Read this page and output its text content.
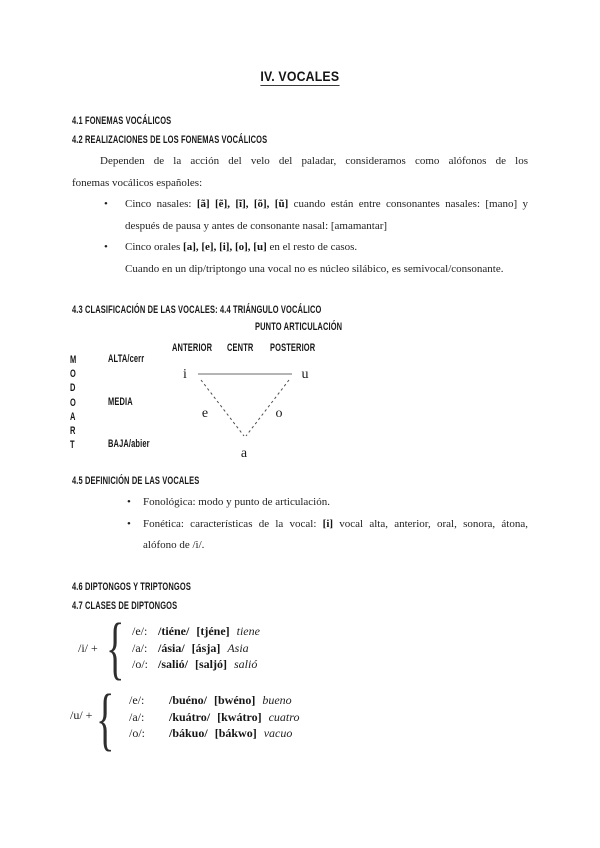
IV. VOCALES
4.1 FONEMAS VOCÁLICOS
4.2 REALIZACIONES DE LOS FONEMAS VOCÁLICOS
Dependen de la acción del velo del paladar, consideramos como alófonos de los
fonemas vocálicos españoles:
•	Cinco nasales: [ã] [ẽ], [ĩ], [õ], [ũ] cuando están entre consonantes nasales: [mano] y
después de pausa y antes de consonante nasal: [amamantar]
•	Cinco orales [a], [e], [i], [o], [u] en el resto de casos.
Cuando en un dip/triptongo una vocal no es núcleo silábico, es semivocal/consonante.
4.3 CLASIFICACIÓN DE LAS VOCALES: 4.4 TRIÁNGULO VOCÁLICO
PUNTO ARTICULACIÓN
ANTERIOR CENTR POSTERIOR
M
O
D
O
A
R
T
ALTA/cerr
MEDIA
BAJA/abier
i	u
e	o
a
4.5 DEFINICIÓN DE LAS VOCALES
•	Fonológica: modo y punto de articulación.
•	Fonética: características de la vocal: [i] vocal alta, anterior, oral, sonora, átona,
alófono de /i/.
4.6 DIPTONGOS Y TRIPTONGOS
4.7 CLASES DE DIPTONGOS
/i/ + { /e/: /tiéne/ [tjéne] tiene
/a/: /ásia/ [ásja] Asia
/o/: /salió/ [saljó] salió
/u/ + { /e/:	/buéno/ [bwéno] bueno
/a/:	/kuátro/ [kwátro] cuatro
/o/:	/bákuo/ [bákwo] vacuo
